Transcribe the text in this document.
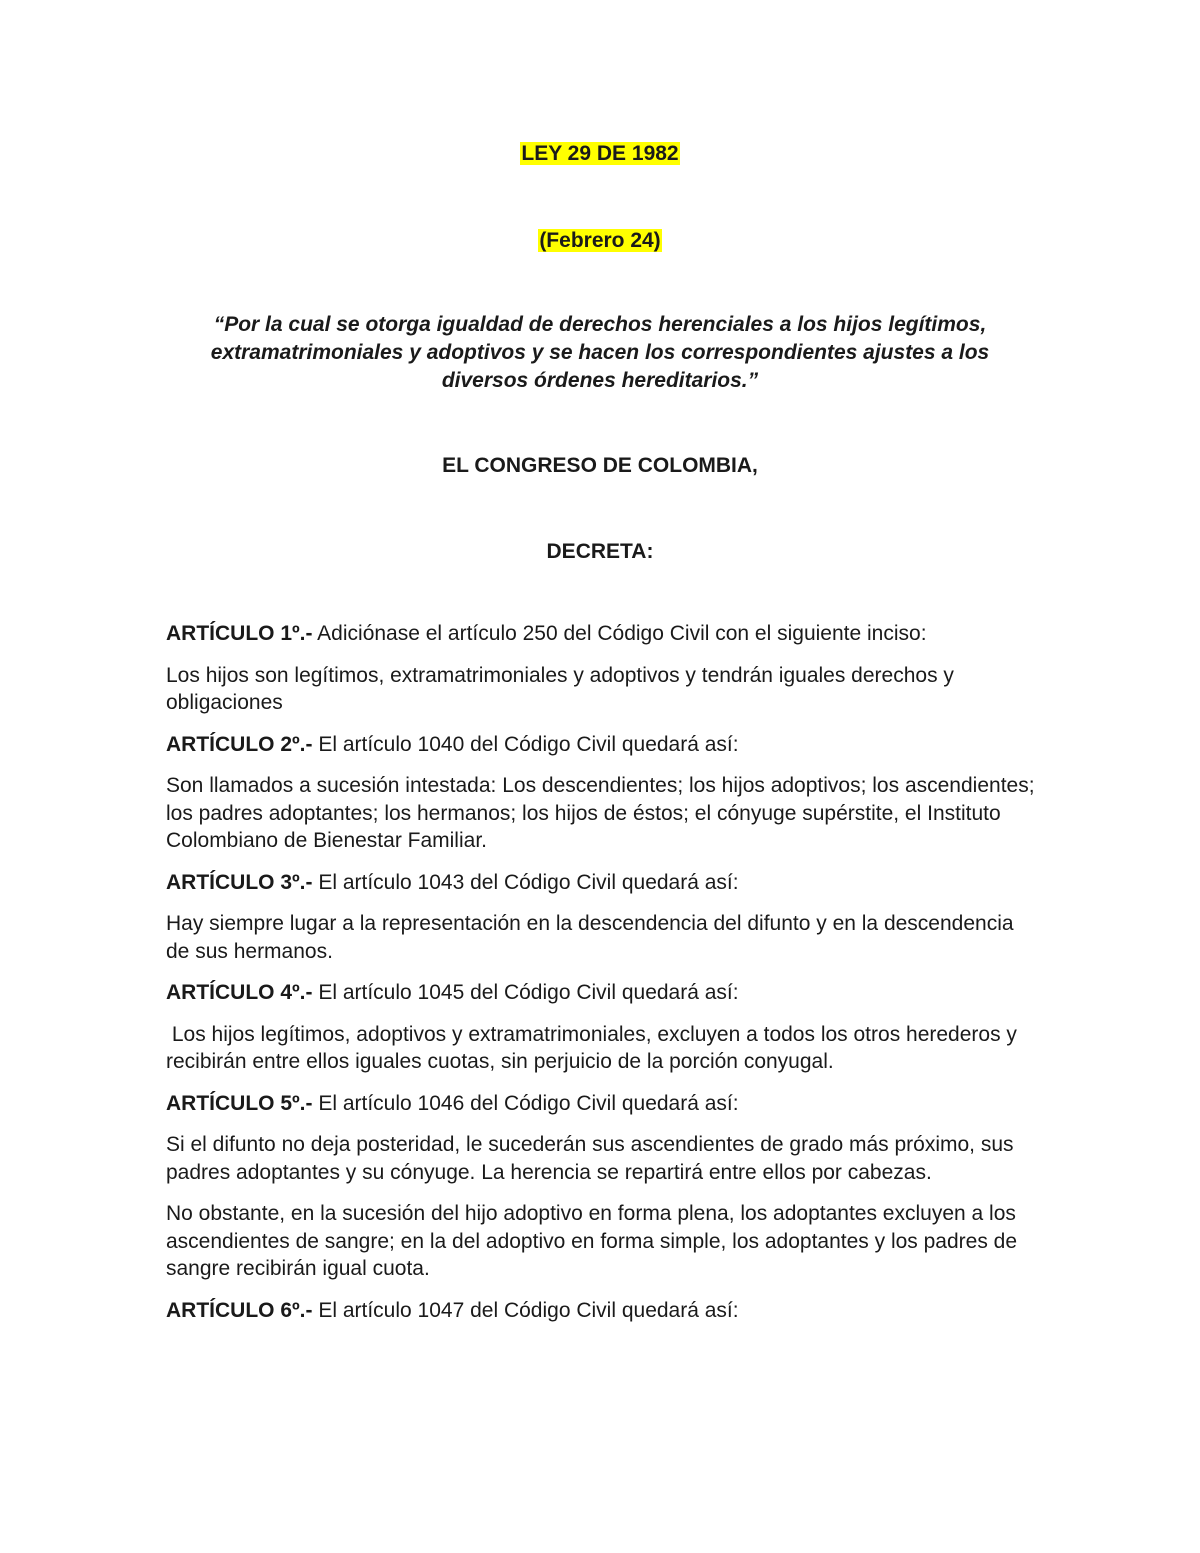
LEY 29 DE 1982
(Febrero 24)
“Por la cual se otorga igualdad de derechos herenciales a los hijos legítimos, extramatrimoniales y adoptivos y se hacen los correspondientes ajustes a los diversos órdenes hereditarios.”
EL CONGRESO DE COLOMBIA,
DECRETA:

ARTÍCULO 1º.- Adiciónase el artículo 250 del Código Civil con el siguiente inciso:

Los hijos son legítimos, extramatrimoniales y adoptivos y tendrán iguales derechos y obligaciones

ARTÍCULO 2º.- El artículo 1040 del Código Civil quedará así:

Son llamados a sucesión intestada: Los descendientes; los hijos adoptivos; los ascendientes; los padres adoptantes; los hermanos; los hijos de éstos; el cónyuge supérstite, el Instituto Colombiano de Bienestar Familiar.

ARTÍCULO 3º.- El artículo 1043 del Código Civil quedará así:

Hay siempre lugar a la representación en la descendencia del difunto y en la descendencia de sus hermanos.

ARTÍCULO 4º.- El artículo 1045 del Código Civil quedará así:

Los hijos legítimos, adoptivos y extramatrimoniales, excluyen a todos los otros herederos y recibirán entre ellos iguales cuotas, sin perjuicio de la porción conyugal.

ARTÍCULO 5º.- El artículo 1046 del Código Civil quedará así:

Si el difunto no deja posteridad, le sucederán sus ascendientes de grado más próximo, sus padres adoptantes y su cónyuge. La herencia se repartirá entre ellos por cabezas.

No obstante, en la sucesión del hijo adoptivo en forma plena, los adoptantes excluyen a los ascendientes de sangre; en la del adoptivo en forma simple, los adoptantes y los padres de sangre recibirán igual cuota.

ARTÍCULO 6º.- El artículo 1047 del Código Civil quedará así:
